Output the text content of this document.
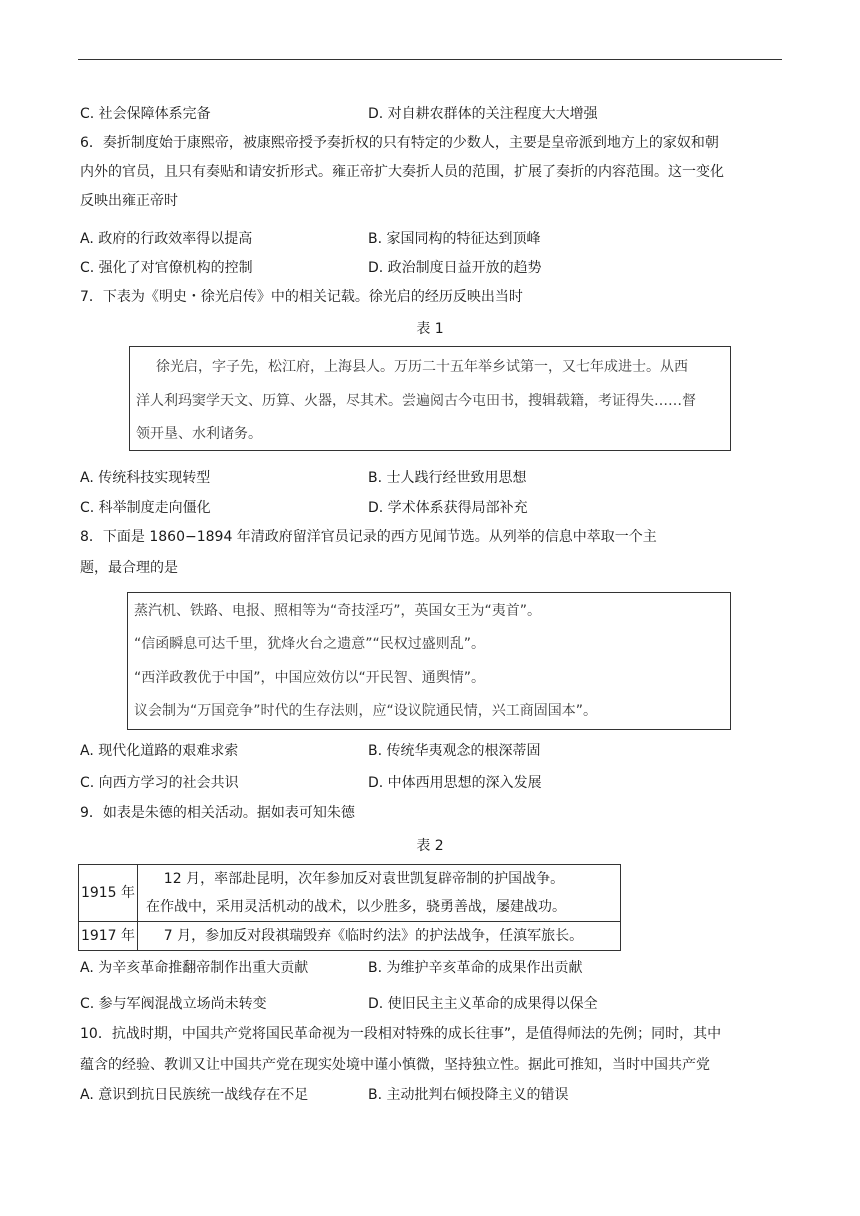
C. 社会保障体系完备	D. 对自耕农群体的关注程度大大增强
6．奏折制度始于康熙帝，被康熙帝授予奏折权的只有特定的少数人，主要是皇帝派到地方上的家奴和朝
内外的官员，且只有奏贴和请安折形式。雍正帝扩大奏折人员的范围，扩展了奏折的内容范围。这一变化
反映出雍正帝时
A. 政府的行政效率得以提高	B. 家国同构的特征达到顶峰
C. 强化了对官僚机构的控制	D. 政治制度日益开放的趋势
7．下表为《明史・徐光启传》中的相关记载。徐光启的经历反映出当时
表 1
徐光启，字子先，松江府，上海县人。万历二十五年举乡试第一，又七年成进士。从西
洋人利玛窦学天文、历算、火器，尽其术。尝遍阅古今屯田书，搜辑载籍，考证得失……督
领开垦、水利诸务。
A. 传统科技实现转型	B. 士人践行经世致用思想
C. 科举制度走向僵化	D. 学术体系获得局部补充
8．下面是 1860−1894 年清政府留洋官员记录的西方见闻节选。从列举的信息中萃取一个主
题，最合理的是
蒸汽机、铁路、电报、照相等为“奇技淫巧”，英国女王为“夷首”。
“信函瞬息可达千里，犹烽火台之遗意”“民权过盛则乱”。
“西洋政教优于中国”，中国应效仿以“开民智、通舆情”。
议会制为“万国竞争”时代的生存法则，应“设议院通民情，兴工商固国本”。
A. 现代化道路的艰难求索	B. 传统华夷观念的根深蒂固
C. 向西方学习的社会共识	D. 中体西用思想的深入发展
9．如表是朱德的相关活动。据如表可知朱德
表 2
1915 年	12 月，率部赴昆明，次年参加反对袁世凯复辟帝制的护国战争。
在作战中，采用灵活机动的战术，以少胜多，骁勇善战，屡建战功。

1917 年	7 月，参加反对段祺瑞毁弃《临时约法》的护法战争，任滇军旅长。
A. 为辛亥革命推翻帝制作出重大贡献	B. 为维护辛亥革命的成果作出贡献
C. 参与军阀混战立场尚未转变	D. 使旧民主主义革命的成果得以保全
10．抗战时期，中国共产党将国民革命视为一段相对特殊的成长往事”，是值得师法的先例；同时，其中
蕴含的经验、教训又让中国共产党在现实处境中谨小慎微，坚持独立性。据此可推知，当时中国共产党
A. 意识到抗日民族统一战线存在不足	B. 主动批判右倾投降主义的错误
